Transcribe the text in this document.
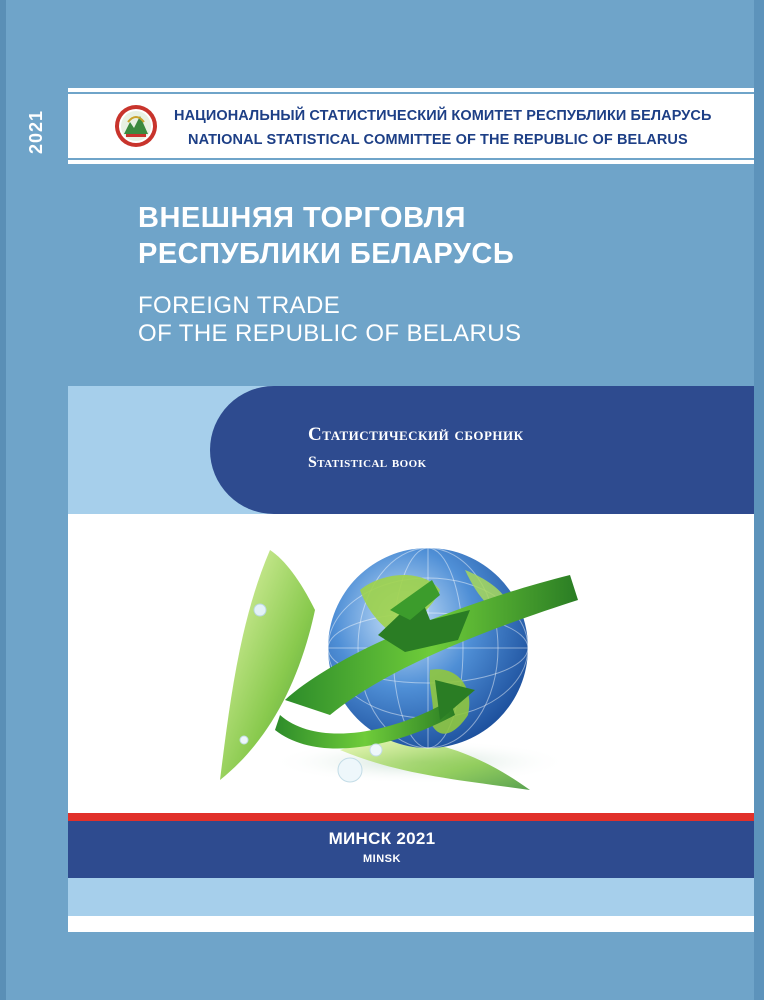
2021	НАЦИОНАЛЬНЫЙ СТАТИСТИЧЕСКИЙ КОМИТЕТ РЕСПУБЛИКИ БЕЛАРУСЬ
NATIONAL STATISTICAL COMMITTEE OF THE REPUBLIC OF BELARUS
ВНЕШНЯЯ ТОРГОВЛЯ
РЕСПУБЛИКИ БЕЛАРУСЬ
FOREIGN TRADE
OF THE REPUBLIC OF BELARUS
Статистический сборник
Statistical book
МИНСК 2021
MINSK
